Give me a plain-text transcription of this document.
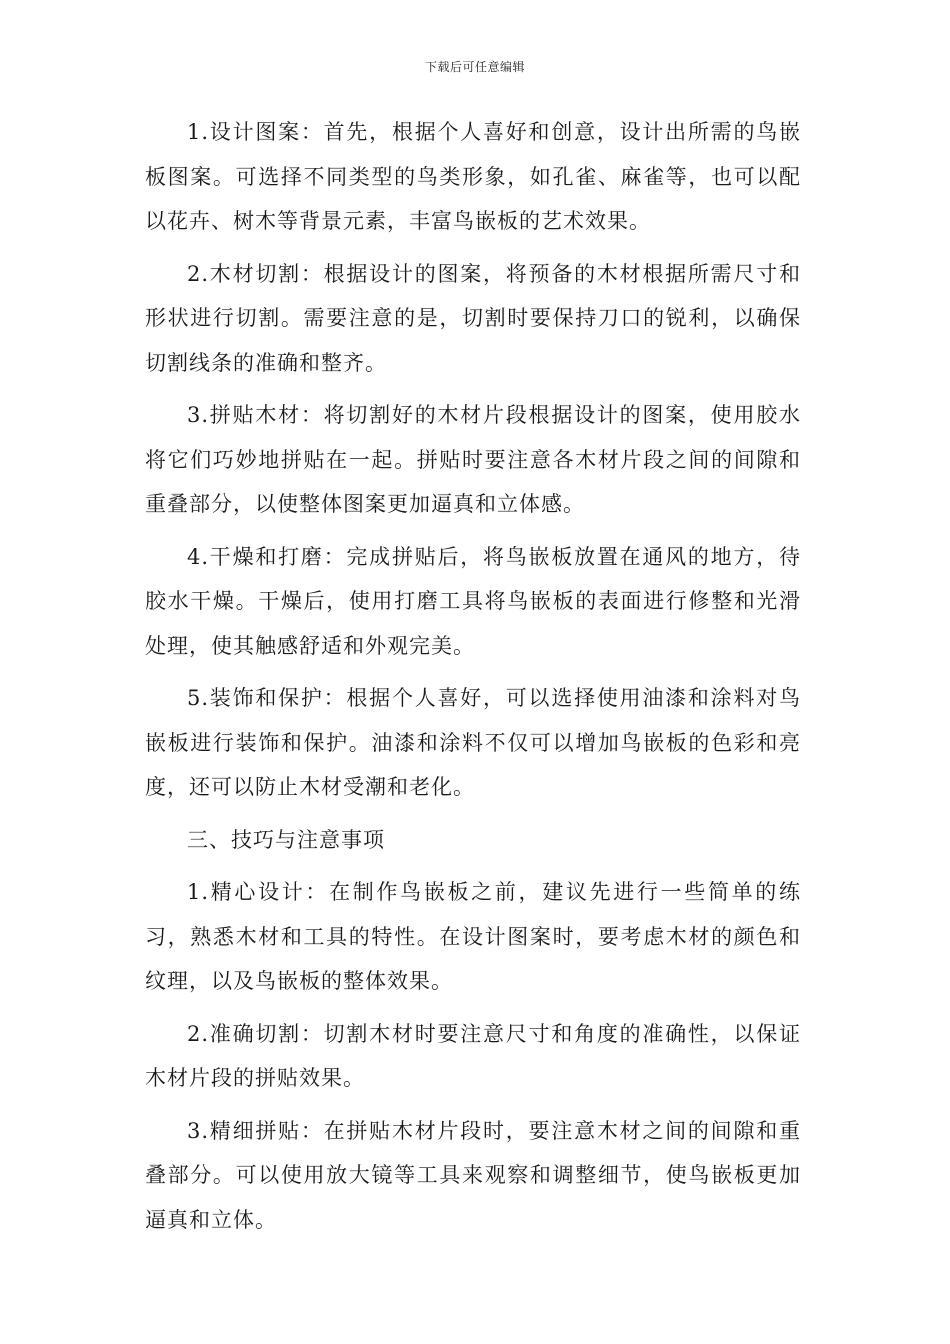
下载后可任意编辑

1.设计图案：首先，根据个人喜好和创意，设计出所需的鸟嵌板图案。可选择不同类型的鸟类形象，如孔雀、麻雀等，也可以配以花卉、树木等背景元素，丰富鸟嵌板的艺术效果。

2.木材切割：根据设计的图案，将预备的木材根据所需尺寸和形状进行切割。需要注意的是，切割时要保持刀口的锐利，以确保切割线条的准确和整齐。

3.拼贴木材：将切割好的木材片段根据设计的图案，使用胶水将它们巧妙地拼贴在一起。拼贴时要注意各木材片段之间的间隙和重叠部分，以使整体图案更加逼真和立体感。

4.干燥和打磨：完成拼贴后，将鸟嵌板放置在通风的地方，待胶水干燥。干燥后，使用打磨工具将鸟嵌板的表面进行修整和光滑处理，使其触感舒适和外观完美。

5.装饰和保护：根据个人喜好，可以选择使用油漆和涂料对鸟嵌板进行装饰和保护。油漆和涂料不仅可以增加鸟嵌板的色彩和亮度，还可以防止木材受潮和老化。

三、技巧与注意事项

1.精心设计：在制作鸟嵌板之前，建议先进行一些简单的练习，熟悉木材和工具的特性。在设计图案时，要考虑木材的颜色和纹理，以及鸟嵌板的整体效果。

2.准确切割：切割木材时要注意尺寸和角度的准确性，以保证木材片段的拼贴效果。

3.精细拼贴：在拼贴木材片段时，要注意木材之间的间隙和重叠部分。可以使用放大镜等工具来观察和调整细节，使鸟嵌板更加逼真和立体。
